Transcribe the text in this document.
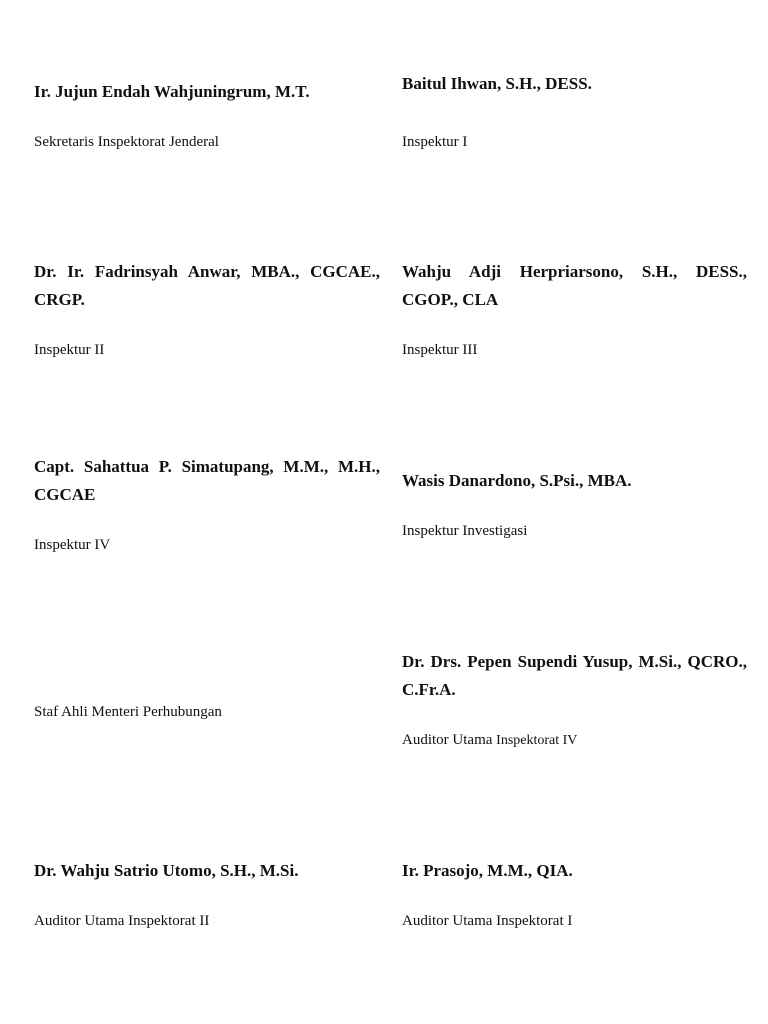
Ir. Jujun Endah Wahjuningrum, M.T.

Sekretaris Inspektorat Jenderal

Baitul Ihwan, S.H., DESS.

Inspektur I

Dr. Ir. Fadrinsyah Anwar, MBA., CGCAE., CRGP.

Inspektur II

Wahju Adji Herpriarsono, S.H., DESS., CGOP., CLA

Inspektur III

Capt. Sahattua P. Simatupang, M.M., M.H., CGCAE

Inspektur IV

Wasis Danardono, S.Psi., MBA.

Inspektur Investigasi

Staf Ahli Menteri Perhubungan

Dr. Drs. Pepen Supendi Yusup, M.Si., QCRO., C.Fr.A.

Auditor Utama Inspektorat IV

Dr. Wahju Satrio Utomo, S.H., M.Si.

Auditor Utama Inspektorat II

Ir. Prasojo, M.M., QIA.

Auditor Utama Inspektorat I
